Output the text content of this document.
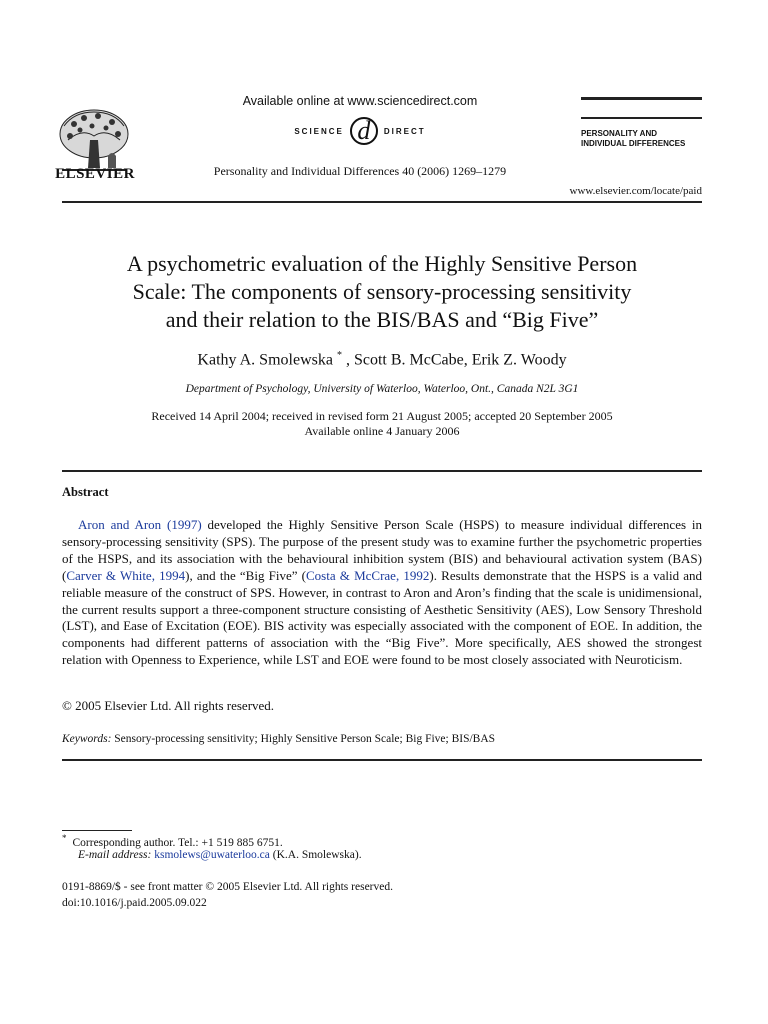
ELSEVIER
Available online at www.sciencedirect.com
SCIENCE d	DIRECT
Personality and Individual Differences 40 (2006) 1269–1279
PERSONALITY AND
INDIVIDUAL DIFFERENCES
www.elsevier.com/locate/paid
A psychometric evaluation of the Highly Sensitive Person
Scale: The components of sensory-processing sensitivity
and their relation to the BIS/BAS and “Big Five”
Kathy A. Smolewska * , Scott B. McCabe, Erik Z. Woody
Department of Psychology, University of Waterloo, Waterloo, Ont., Canada N2L 3G1
Received 14 April 2004; received in revised form 21 August 2005; accepted 20 September 2005
Available online 4 January 2006
Abstract
Aron and Aron (1997) developed the Highly Sensitive Person Scale (HSPS) to measure individual differences in sensory-processing sensitivity (SPS). The purpose of the present study was to examine further the psychometric properties of the HSPS, and its association with the behavioural inhibition system (BIS) and behavioural activation system (BAS) (Carver & White, 1994), and the “Big Five” (Costa & McCrae, 1992). Results demonstrate that the HSPS is a valid and reliable measure of the construct of SPS. However, in contrast to Aron and Aron’s finding that the scale is unidimensional, the current results support a three-component structure consisting of Aesthetic Sensitivity (AES), Low Sensory Threshold (LST), and Ease of Excitation (EOE). BIS activity was especially associated with the component of EOE. In addition, the components had different patterns of association with the “Big Five”. More specifically, AES showed the strongest relation with Openness to Experience, while LST and EOE were found to be most closely associated with Neuroticism.
© 2005 Elsevier Ltd. All rights reserved.
Keywords: Sensory-processing sensitivity; Highly Sensitive Person Scale; Big Five; BIS/BAS
* Corresponding author. Tel.: +1 519 885 6751.
E-mail address: ksmolews@uwaterloo.ca (K.A. Smolewska).
0191-8869/$ - see front matter © 2005 Elsevier Ltd. All rights reserved.
doi:10.1016/j.paid.2005.09.022
